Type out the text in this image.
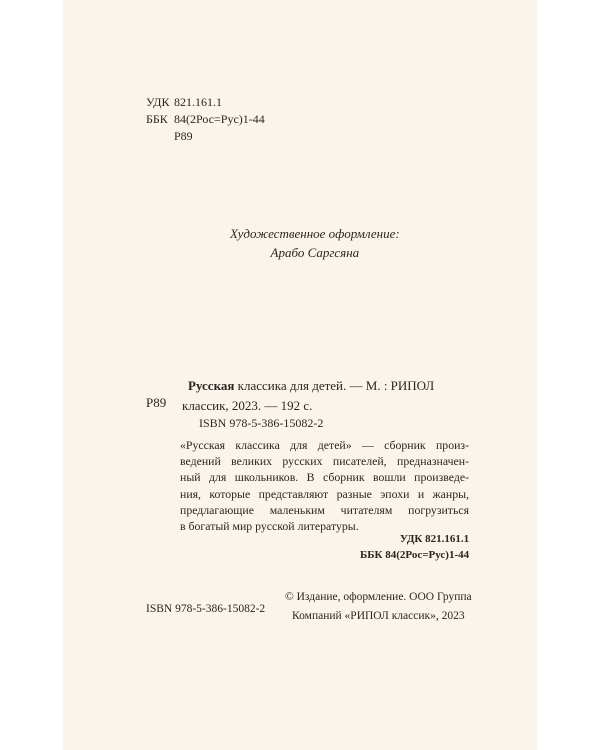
УДК 821.161.1
ББК 84(2Рос=Рус)1-44
Р89
Художественное оформление:
Арабо Саргсяна
Р89
Русская классика для детей. — М. : РИПОЛ
классик, 2023. — 192 с.
ISBN 978-5-386-15082-2
«Русская классика для детей» — сборник произ-
ведений великих русских писателей, предназначен-
ный для школьников. В сборник вошли произведе-
ния, которые представляют разные эпохи и жанры,
предлагающие маленьким читателям погрузиться
в богатый мир русской литературы.
УДК 821.161.1
ББК 84(2Рос=Рус)1-44
ISBN 978-5-386-15082-2
© Издание, оформление. ООО Группа
Компаний «РИПОЛ классик», 2023
